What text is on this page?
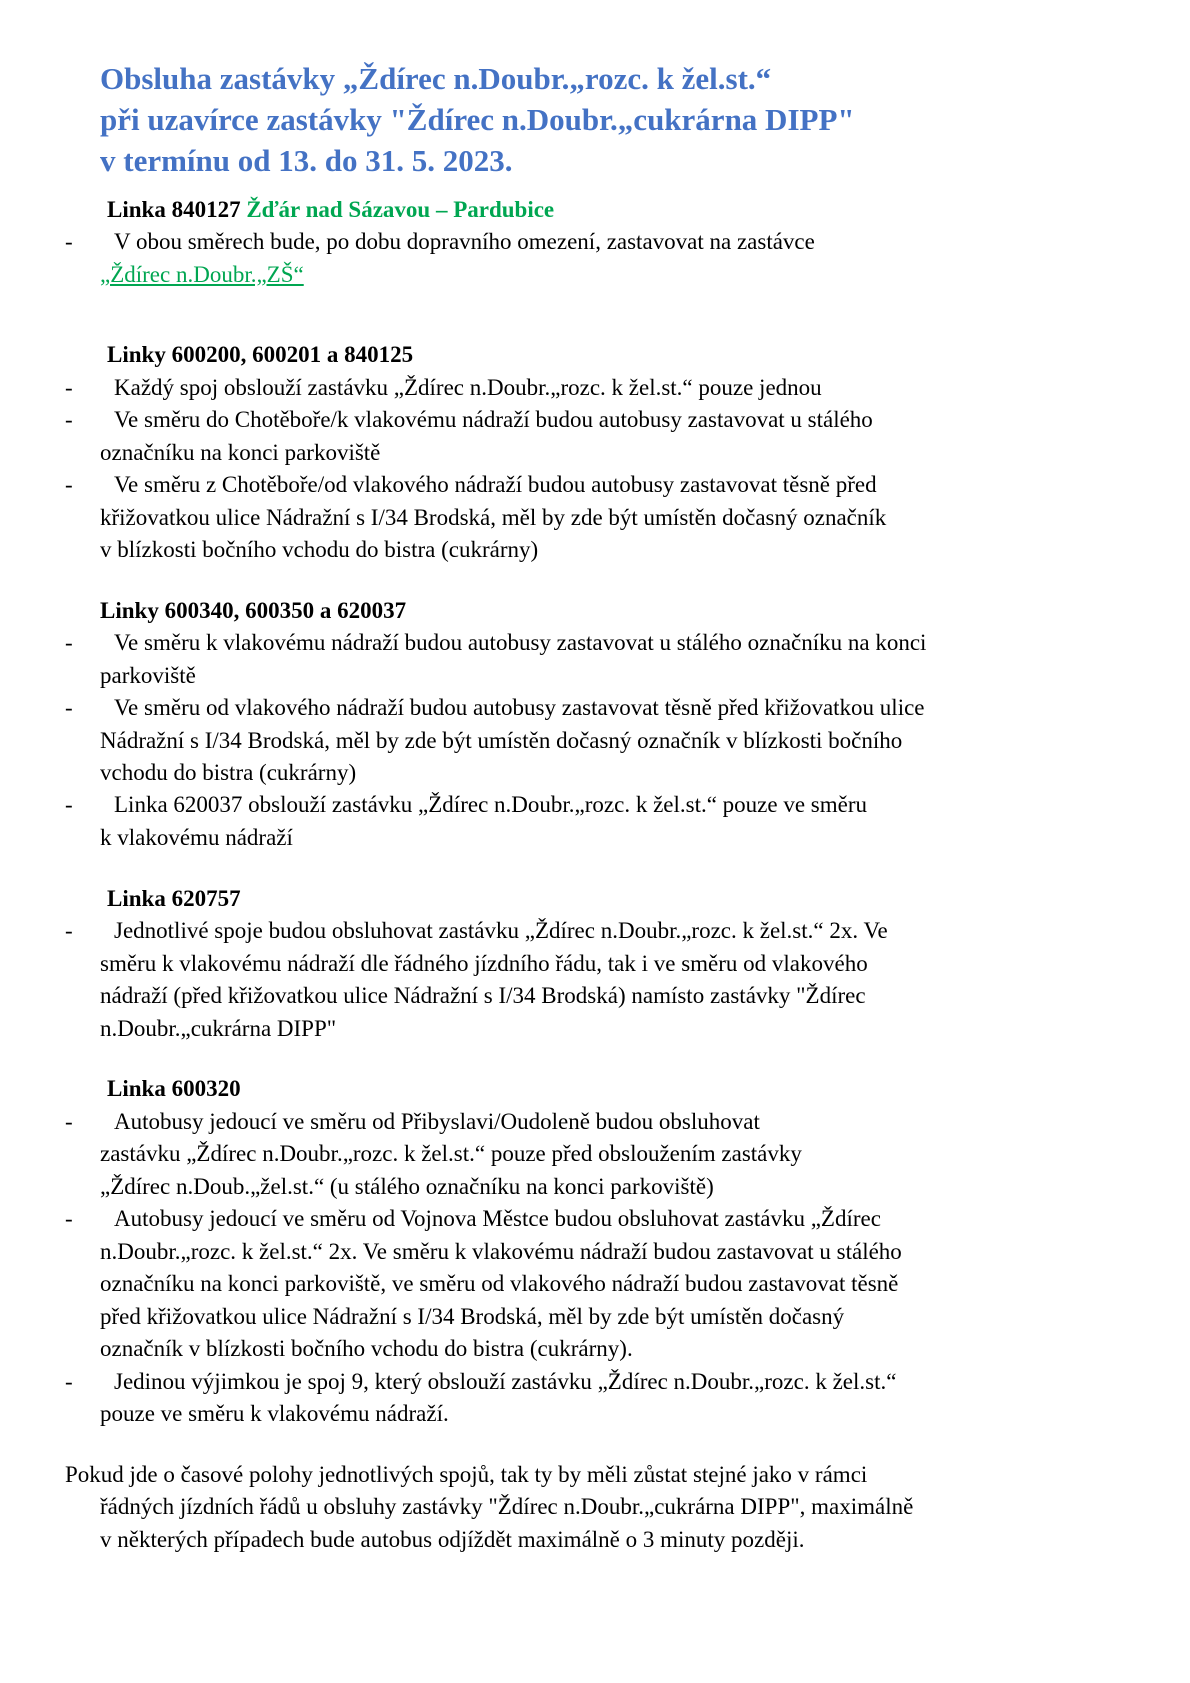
Obsluha zastávky „Ždírec n.Doubr.„rozc. k žel.st.“
při uzavírce zastávky "Ždírec n.Doubr.„cukrárna DIPP"
v termínu od 13. do 31. 5. 2023.
Linka 840127 Žďár nad Sázavou – Pardubice
- V obou směrech bude, po dobu dopravního omezení, zastavovat na zastávce
„Ždírec n.Doubr.„ZŠ“
Linky 600200, 600201 a 840125
- Každý spoj obslouží zastávku „Ždírec n.Doubr.„rozc. k žel.st.“ pouze jednou
- Ve směru do Chotěboře/k vlakovému nádraží budou autobusy zastavovat u stálého
označníku na konci parkoviště
- Ve směru z Chotěboře/od vlakového nádraží budou autobusy zastavovat těsně před
křižovatkou ulice Nádražní s I/34 Brodská, měl by zde být umístěn dočasný označník
v blízkosti bočního vchodu do bistra (cukrárny)
Linky 600340, 600350 a 620037
- Ve směru k vlakovému nádraží budou autobusy zastavovat u stálého označníku na konci
parkoviště
- Ve směru od vlakového nádraží budou autobusy zastavovat těsně před křižovatkou ulice
Nádražní s I/34 Brodská, měl by zde být umístěn dočasný označník v blízkosti bočního
vchodu do bistra (cukrárny)
- Linka 620037 obslouží zastávku „Ždírec n.Doubr.„rozc. k žel.st.“ pouze ve směru
k vlakovému nádraží
Linka 620757
- Jednotlivé spoje budou obsluhovat zastávku „Ždírec n.Doubr.„rozc. k žel.st.“ 2x. Ve
směru k vlakovému nádraží dle řádného jízdního řádu, tak i ve směru od vlakového
nádraží (před křižovatkou ulice Nádražní s I/34 Brodská) namísto zastávky "Ždírec
n.Doubr.„cukrárna DIPP"
Linka 600320
- Autobusy jedoucí ve směru od Přibyslavi/Oudoleně budou obsluhovat
zastávku „Ždírec n.Doubr.„rozc. k žel.st.“ pouze před obsloužením zastávky
„Ždírec n.Doub.„žel.st.“ (u stálého označníku na konci parkoviště)
- Autobusy jedoucí ve směru od Vojnova Městce budou obsluhovat zastávku „Ždírec
n.Doubr.„rozc. k žel.st.“ 2x. Ve směru k vlakovému nádraží budou zastavovat u stálého
označníku na konci parkoviště, ve směru od vlakového nádraží budou zastavovat těsně
před křižovatkou ulice Nádražní s I/34 Brodská, měl by zde být umístěn dočasný
označník v blízkosti bočního vchodu do bistra (cukrárny).
- Jedinou výjimkou je spoj 9, který obslouží zastávku „Ždírec n.Doubr.„rozc. k žel.st.“
pouze ve směru k vlakovému nádraží.
Pokud jde o časové polohy jednotlivých spojů, tak ty by měli zůstat stejné jako v rámci
řádných jízdních řádů u obsluhy zastávky "Ždírec n.Doubr.„cukrárna DIPP", maximálně
v některých případech bude autobus odjíždět maximálně o 3 minuty později.
